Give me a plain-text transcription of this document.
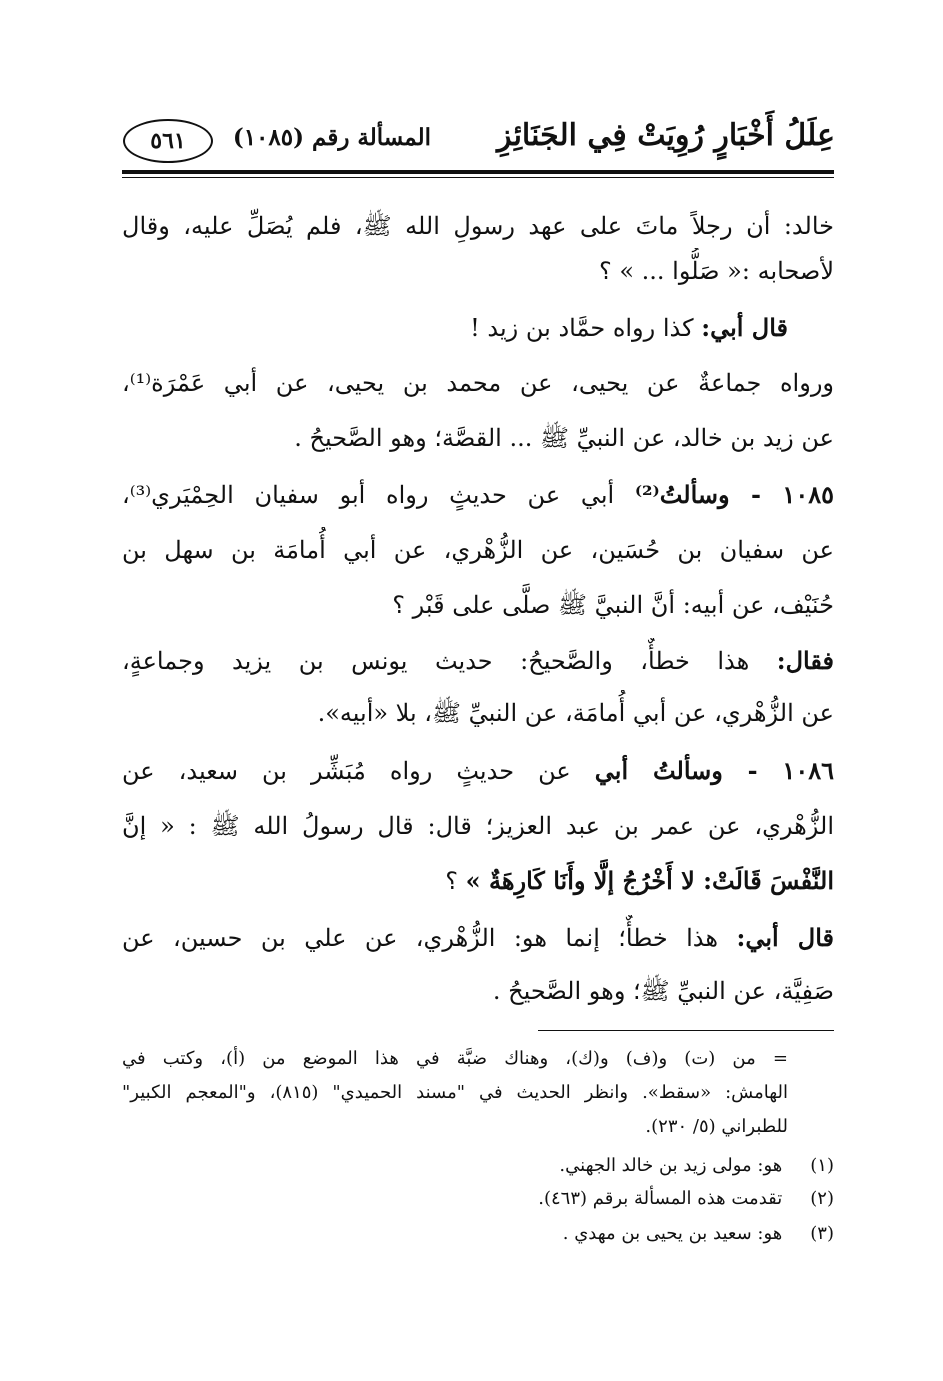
عِلَلُ أَخْبَارٍ رُوِيَتْ فِي الجَنَائِزِ
المسألة رقم (١٠٨٥)
٥٦١
خالد: أن رجلاً ماتَ على عهد رسولِ الله ﷺ، فلم يُصَلِّ عليه، وقال
لأصحابه :« صَلُّوا ... » ؟
قال أبي: كذا رواه حمَّاد بن زيد !
ورواه جماعةٌ عن يحيى، عن محمد بن يحيى، عن أبي عَمْرَة⁽¹⁾،
عن زيد بن خالد، عن النبيِّ ﷺ ... القصَّة؛ وهو الصَّحيحُ .
١٠٨٥ - وسألتُ⁽²⁾ أبي عن حديثٍ رواه أبو سفيان الحِمْيَري⁽³⁾،
عن سفيان بن حُسَين، عن الزُّهْري، عن أبي أُمامَة بن سهل بن
حُنَيْف، عن أبيه: أنَّ النبيَّ ﷺ صلَّى على قَبْر ؟
فقال: هذا خطأٌ، والصَّحيحُ: حديث يونس بن يزيد وجماعةٍ،
عن الزُّهْري، عن أبي أُمامَة، عن النبيِّ ﷺ، بلا «أبيه».
١٠٨٦ - وسألتُ أبي عن حديثٍ رواه مُبَشِّر بن سعيد، عن
الزُّهْري، عن عمر بن عبد العزيز؛ قال: قال رسولُ الله ﷺ : « إنَّ
النَّفْسَ قَالَتْ: لا أَخْرُجُ إلَّا وأَنَا كَارِهَةٌ » ؟
قال أبي: هذا خطأٌ؛ إنما هو: الزُّهْري، عن علي بن حسين، عن
صَفِيَّة، عن النبيِّ ﷺ؛ وهو الصَّحيحُ .
= من (ت) و(ف) و(ك)، وهناك ضبَّة في هذا الموضع من (أ)، وكتب في
الهامش: «سقط». وانظر الحديث في "مسند الحميدي" (٨١٥)، و"المعجم الكبير"
للطبراني (٥/ ٢٣٠).
(١) هو: مولى زيد بن خالد الجهني.
(٢) تقدمت هذه المسألة برقم (٤٦٣).
(٣) هو: سعيد بن يحيى بن مهدي .
